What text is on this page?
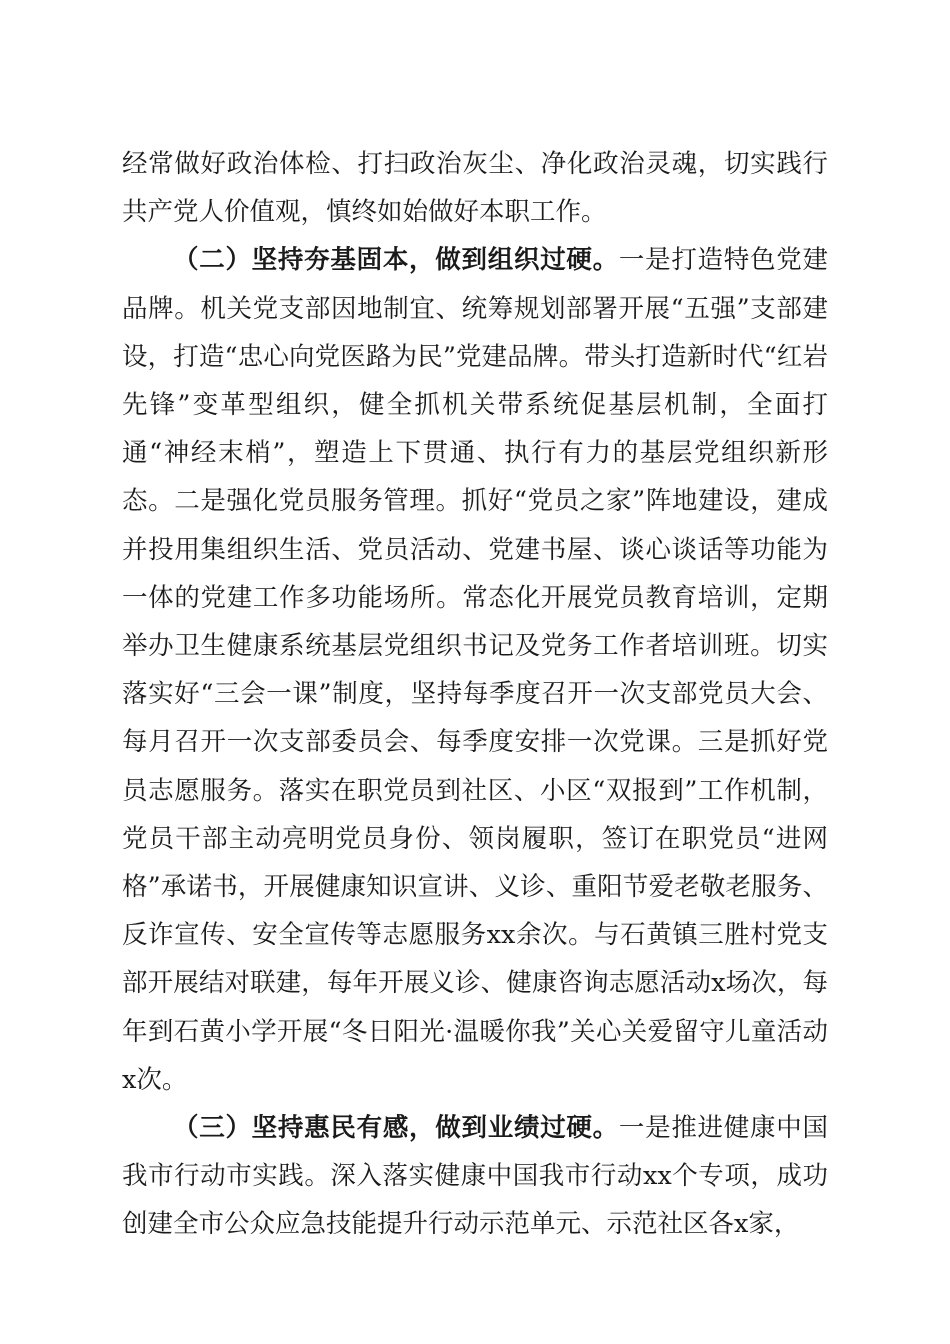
经常做好政治体检、打扫政治灰尘、净化政治灵魂，切实践行共产党人价值观，慎终如始做好本职工作。

（二）坚持夯基固本，做到组织过硬。一是打造特色党建品牌。机关党支部因地制宜、统筹规划部署开展“五强”支部建设，打造“忠心向党医路为民”党建品牌。带头打造新时代“红岩先锋”变革型组织，健全抓机关带系统促基层机制，全面打通“神经末梢”，塑造上下贯通、执行有力的基层党组织新形态。二是强化党员服务管理。抓好“党员之家”阵地建设，建成并投用集组织生活、党员活动、党建书屋、谈心谈话等功能为一体的党建工作多功能场所。常态化开展党员教育培训，定期举办卫生健康系统基层党组织书记及党务工作者培训班。切实落实好“三会一课”制度，坚持每季度召开一次支部党员大会、每月召开一次支部委员会、每季度安排一次党课。三是抓好党员志愿服务。落实在职党员到社区、小区“双报到”工作机制，党员干部主动亮明党员身份、领岗履职，签订在职党员“进网格”承诺书，开展健康知识宣讲、义诊、重阳节爱老敬老服务、反诈宣传、安全宣传等志愿服务xx余次。与石黄镇三胜村党支部开展结对联建，每年开展义诊、健康咨询志愿活动x场次，每年到石黄小学开展“冬日阳光·温暖你我”关心关爱留守儿童活动x次。

（三）坚持惠民有感，做到业绩过硬。一是推进健康中国我市行动市实践。深入落实健康中国我市行动xx个专项，成功创建全市公众应急技能提升行动示范单元、示范社区各x家，
